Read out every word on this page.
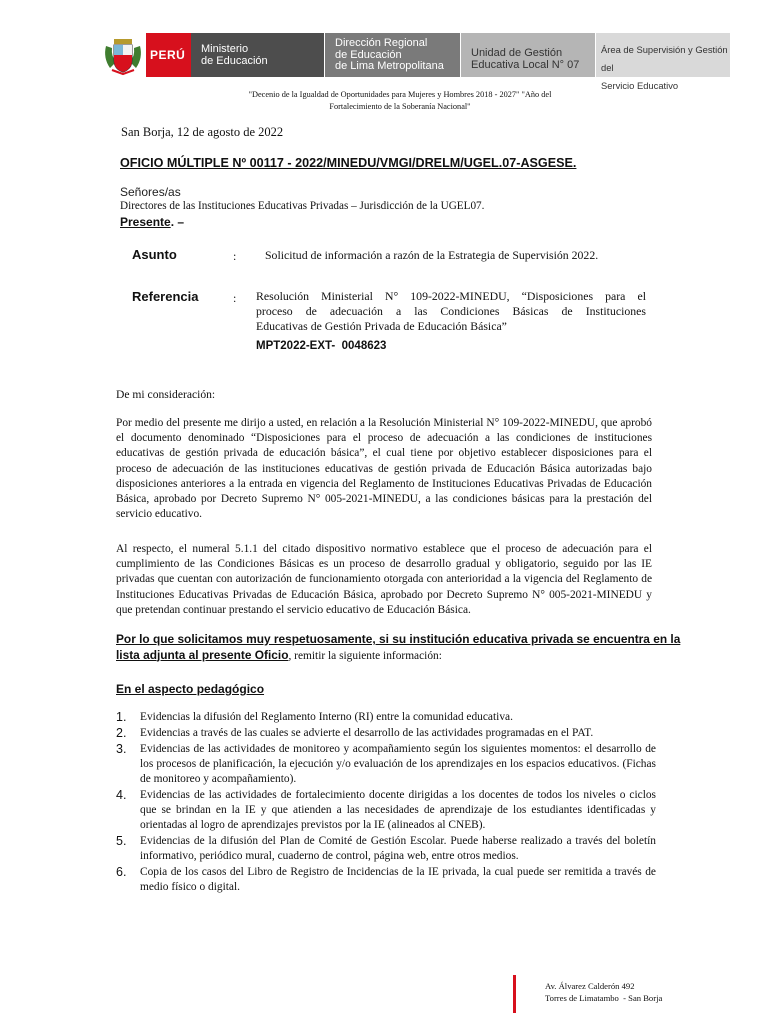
PERÚ Ministerio
de Educación
Dirección Regional
de Educación
de Lima Metropolitana
Unidad de Gestión
Educativa Local N° 07
Área de Supervisión y Gestión del
Servicio Educativo
"Decenio de la Igualdad de Oportunidades para Mujeres y Hombres 2018 - 2027" "Año del
Fortalecimiento de la Soberanía Nacional"
San Borja, 12 de agosto de 2022
OFICIO MÚLTIPLE Nº 00117 - 2022/MINEDU/VMGI/DRELM/UGEL.07-ASGESE.
Señores/as
Directores de las Instituciones Educativas Privadas – Jurisdicción de la UGEL07.
Presente. –
Asunto	: Solicitud de información a razón de la Estrategia de Supervisión 2022.
Referencia	: Resolución Ministerial N° 109-2022-MINEDU, “Disposiciones para el
proceso de adecuación a las Condiciones Básicas de Instituciones
Educativas de Gestión Privada de Educación Básica”
MPT2022-EXT-  0048623
De mi consideración:
Por medio del presente me dirijo a usted, en relación a la Resolución Ministerial N° 109-2022-MINEDU, que aprobó el documento denominado “Disposiciones para el proceso de adecuación a las condiciones de instituciones educativas de gestión privada de educación básica”, el cual tiene por objetivo establecer disposiciones para el proceso de adecuación de las instituciones educativas de gestión privada de Educación Básica autorizadas bajo disposiciones anteriores a la entrada en vigencia del Reglamento de Instituciones Educativas Privadas de Educación Básica, aprobado por Decreto Supremo N° 005-2021-MINEDU, a las condiciones básicas para la prestación del servicio educativo.
Al respecto, el numeral 5.1.1 del citado dispositivo normativo establece que el proceso de adecuación para el cumplimiento de las Condiciones Básicas es un proceso de desarrollo gradual y obligatorio, seguido por las IE privadas que cuentan con autorización de funcionamiento otorgada con anterioridad a la vigencia del Reglamento de Instituciones Educativas Privadas de Educación Básica, aprobado por Decreto Supremo N° 005-2021-MINEDU y que pretendan continuar prestando el servicio educativo de Educación Básica.
Por lo que solicitamos muy respetuosamente, si su institución educativa privada se encuentra en la
lista adjunta al presente Oficio, remitir la siguiente información:
En el aspecto pedagógico
1. Evidencias la difusión del Reglamento Interno (RI) entre la comunidad educativa.
2. Evidencias a través de las cuales se advierte el desarrollo de las actividades programadas en el PAT.
3. Evidencias de las actividades de monitoreo y acompañamiento según los siguientes momentos: el desarrollo de los procesos de planificación, la ejecución y/o evaluación de los aprendizajes en los espacios educativos. (Fichas de monitoreo y acompañamiento).
4. Evidencias de las actividades de fortalecimiento docente dirigidas a los docentes de todos los niveles o ciclos que se brindan en la IE y que atienden a las necesidades de aprendizaje de los estudiantes identificadas y orientadas al logro de aprendizajes previstos por la IE (alineados al CNEB).
5. Evidencias de la difusión del Plan de Comité de Gestión Escolar. Puede haberse realizado a través del boletín informativo, periódico mural, cuaderno de control, página web, entre otros medios.
6. Copia de los casos del Libro de Registro de Incidencias de la IE privada, la cual puede ser remitida a través de medio físico o digital.
Av. Álvarez Calderón 492
Torres de Limatambo  - San Borja
